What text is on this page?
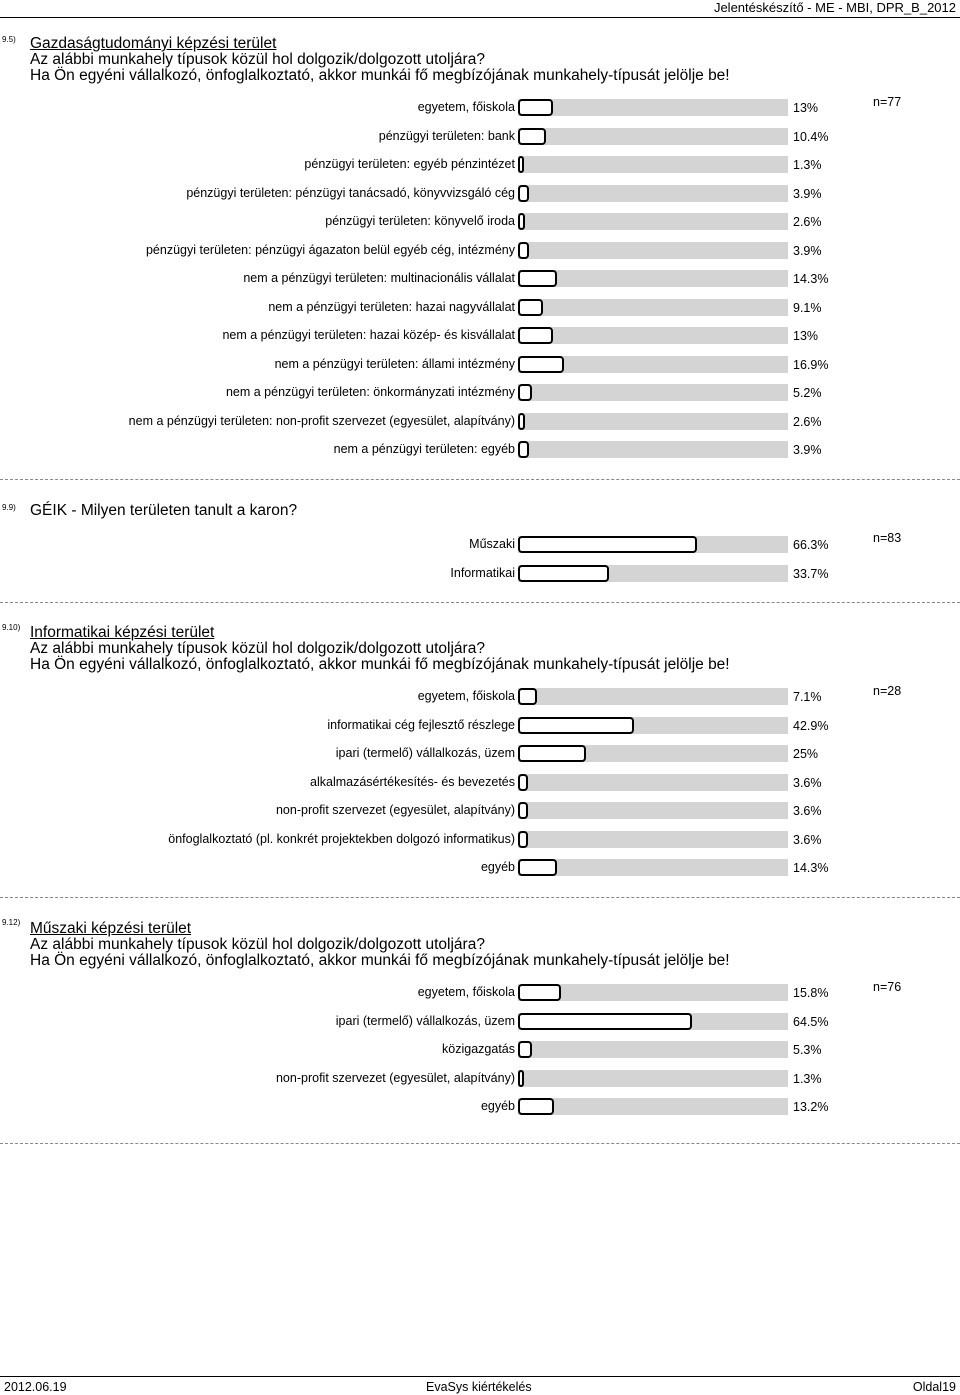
Jelentéskészítő - ME - MBI, DPR_B_2012
9.5) Gazdaságtudományi képzési terület
Az alábbi munkahely típusok közül hol dolgozik/dolgozott utoljára?
Ha Ön egyéni vállalkozó, önfoglalkoztató, akkor munkái fő megbízójának munkahely-típusát jelölje be!
n=77
egyetem, főiskola	13%
pénzügyi területen: bank	10.4%
pénzügyi területen: egyéb pénzintézet	1.3%
pénzügyi területen: pénzügyi tanácsadó, könyvvizsgáló cég	3.9%
pénzügyi területen: könyvelő iroda	2.6%
pénzügyi területen: pénzügyi ágazaton belül egyéb cég, intézmény	3.9%
nem a pénzügyi területen: multinacionális vállalat	14.3%
nem a pénzügyi területen: hazai nagyvállalat	9.1%
nem a pénzügyi területen: hazai közép- és kisvállalat	13%
nem a pénzügyi területen: állami intézmény	16.9%
nem a pénzügyi területen: önkormányzati intézmény	5.2%
nem a pénzügyi területen: non-profit szervezet (egyesület, alapítvány)	2.6%
nem a pénzügyi területen: egyéb	3.9%
9.9) GÉIK - Milyen területen tanult a karon?
n=83
Műszaki	66.3%
Informatikai	33.7%
9.10) Informatikai képzési terület
Az alábbi munkahely típusok közül hol dolgozik/dolgozott utoljára?
Ha Ön egyéni vállalkozó, önfoglalkoztató, akkor munkái fő megbízójának munkahely-típusát jelölje be!
n=28
egyetem, főiskola	7.1%
informatikai cég fejlesztő részlege	42.9%
ipari (termelő) vállalkozás, üzem	25%
alkalmazásértékesítés- és bevezetés	3.6%
non-profit szervezet (egyesület, alapítvány)	3.6%
önfoglalkoztató (pl. konkrét projektekben dolgozó informatikus)	3.6%
egyéb	14.3%
9.12) Műszaki képzési terület
Az alábbi munkahely típusok közül hol dolgozik/dolgozott utoljára?
Ha Ön egyéni vállalkozó, önfoglalkoztató, akkor munkái fő megbízójának munkahely-típusát jelölje be!
n=76
egyetem, főiskola	15.8%
ipari (termelő) vállalkozás, üzem	64.5%
közigazgatás	5.3%
non-profit szervezet (egyesület, alapítvány)	1.3%
egyéb	13.2%
2012.06.19	EvaSys kiértékelés	Oldal19
